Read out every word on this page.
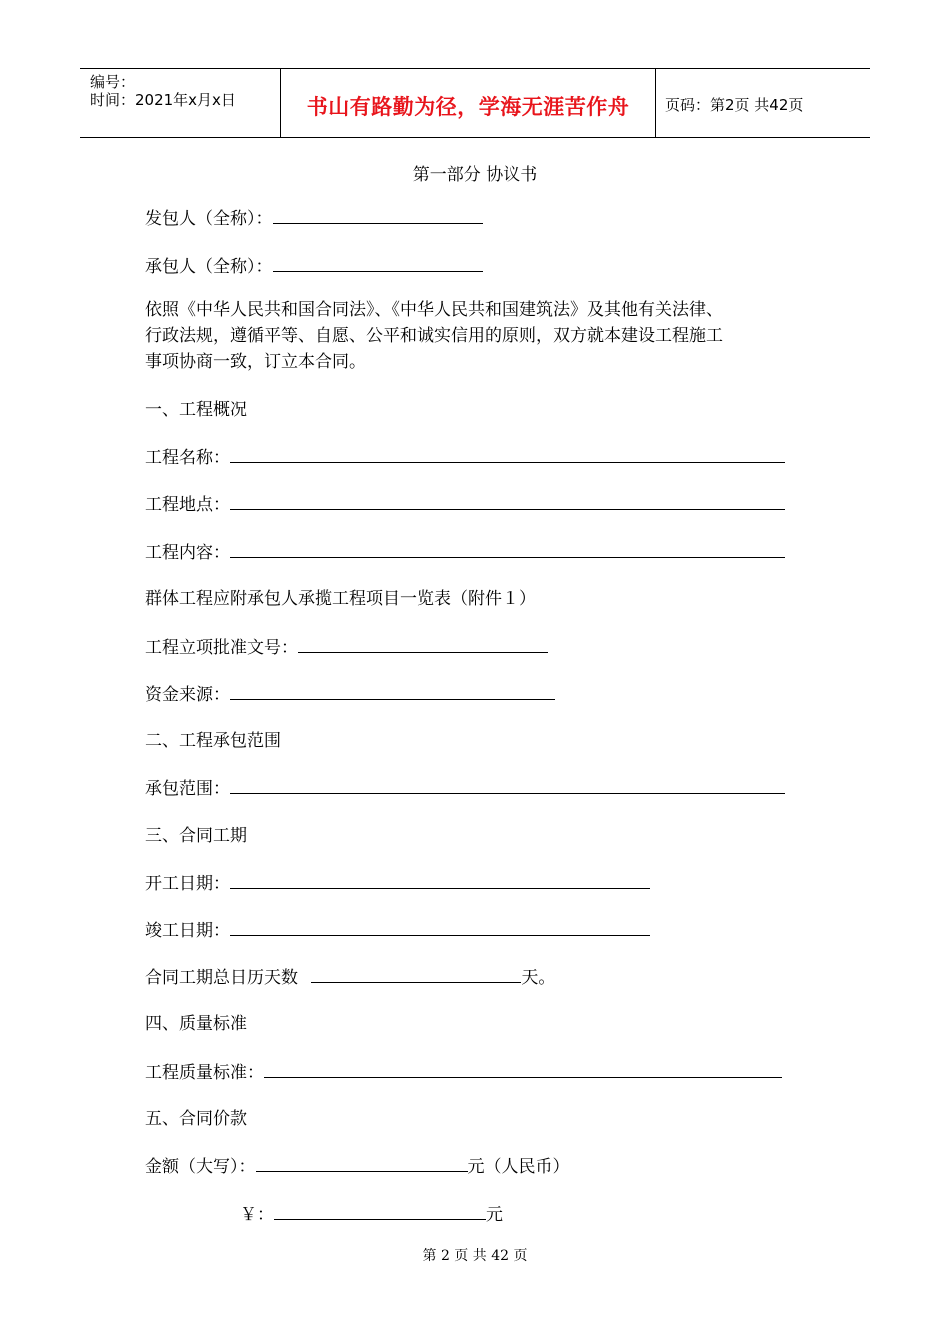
编号：
时间：2021年x月x日	书山有路勤为径，学海无涯苦作舟	页码：第2页 共42页
第一部分 协议书
发包人（全称）：
承包人（全称）：
依照《中华人民共和国合同法》、《中华人民共和国建筑法》及其他有关法律、
行政法规，遵循平等、自愿、公平和诚实信用的原则，双方就本建设工程施工
事项协商一致，订立本合同。
一、工程概况
工程名称：
工程地点：
工程内容：
群体工程应附承包人承揽工程项目一览表（附件１）
工程立项批准文号：
资金来源：
二、工程承包范围
承包范围：
三、合同工期
开工日期：
竣工日期：
合同工期总日历天数	天。
四、质量标准
工程质量标准：
五、合同价款
金额（大写）：	元（人民币）
￥：	元
第 2 页 共 42 页
